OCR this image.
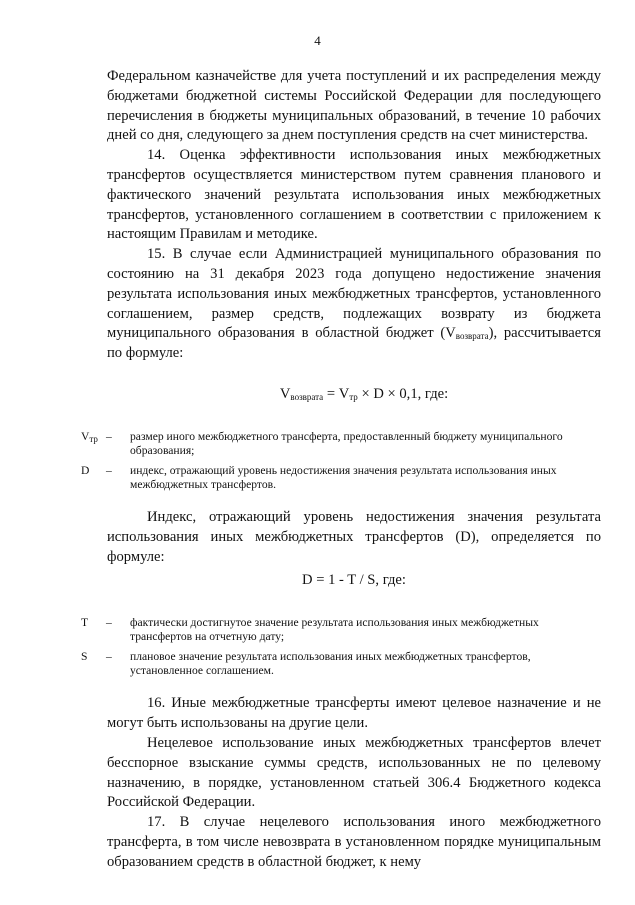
4

Федеральном казначействе для учета поступлений и их распределения между бюджетами бюджетной системы Российской Федерации для последующего перечисления в бюджеты муниципальных образований, в течение 10 рабочих дней со дня, следующего за днем поступления средств на счет министерства.

14. Оценка эффективности использования иных межбюджетных трансфертов осуществляется министерством путем сравнения планового и фактического значений результата использования иных межбюджетных трансфертов, установленного соглашением в соответствии с приложением к настоящим Правилам и методике.

15. В случае если Администрацией муниципального образования по состоянию на 31 декабря 2023 года допущено недостижение значения результата использования иных межбюджетных трансфертов, установленного соглашением, размер средств, подлежащих возврату из бюджета муниципального образования в областной бюджет $(V_{возврата})$, рассчитывается по формуле:

$V_{возврата} = V_{тр} \times D \times 0,1$, где:

$V_{тр}$ –	размер иного межбюджетного трансферта, предоставленный бюджету муниципального образования;
D	–	индекс, отражающий уровень недостижения значения результата использования иных межбюджетных трансфертов.

Индекс, отражающий уровень недостижения значения результата использования иных межбюджетных трансфертов (D), определяется по формуле:

D = 1 - T / S, где:

T	–	фактически достигнутое значение результата использования иных межбюджетных трансфертов на отчетную дату;
S	–	плановое значение результата использования иных межбюджетных трансфертов, установленное соглашением.

16. Иные межбюджетные трансферты имеют целевое назначение и не могут быть использованы на другие цели.

Нецелевое использование иных межбюджетных трансфертов влечет бесспорное взыскание суммы средств, использованных не по целевому назначению, в порядке, установленном статьей 306.4 Бюджетного кодекса Российской Федерации.

17. В случае нецелевого использования иного межбюджетного трансферта, в том числе невозврата в установленном порядке муниципальным образованием средств в областной бюджет, к нему
